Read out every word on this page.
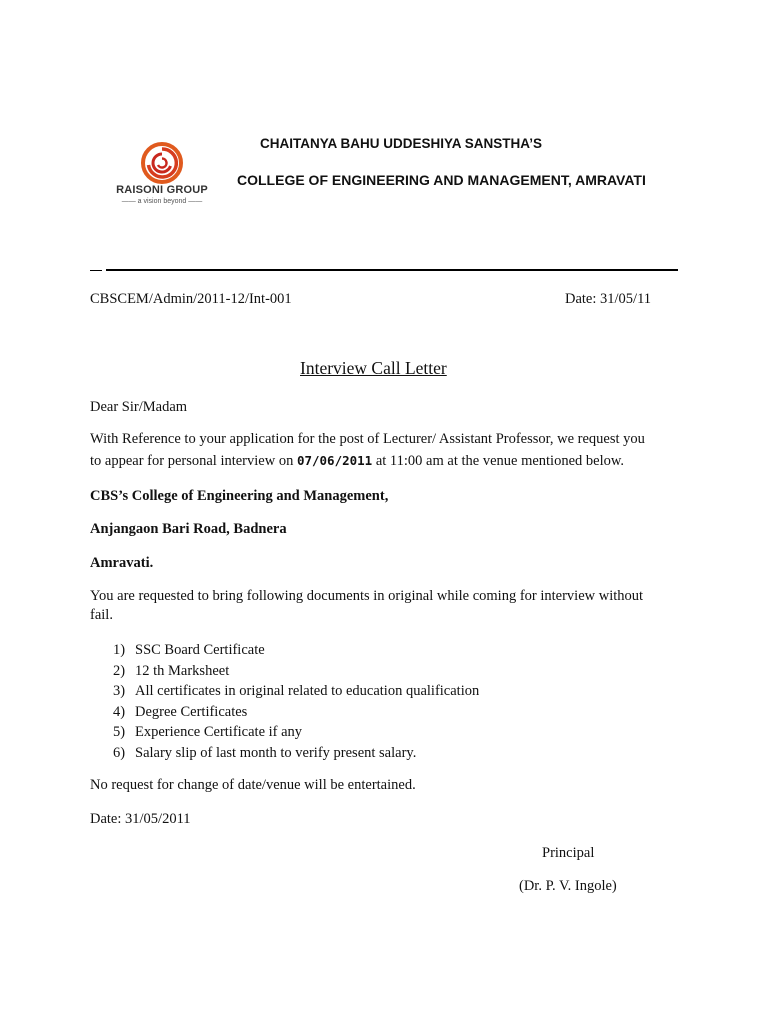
CHAITANYA BAHU UDDESHIYA SANSTHA’S
RAISONI GROUP
—— a vision beyond ——
COLLEGE OF ENGINEERING AND MANAGEMENT, AMRAVATI
CBSCEM/Admin/2011-12/Int-001	Date: 31/05/11
Interview Call Letter
Dear Sir/Madam
With Reference to your application for the post of Lecturer/ Assistant Professor, we request you
to appear for personal interview on 07/06/2011 at 11:00 am at the venue mentioned below.
CBS’s College of Engineering and Management,
Anjangaon Bari Road, Badnera
Amravati.
You are requested to bring following documents in original while coming for interview without
fail.
1) SSC Board Certificate
2) 12 th Marksheet
3) All certificates in original related to education qualification
4) Degree Certificates
5) Experience Certificate if any
6) Salary slip of last month to verify present salary.
No request for change of date/venue will be entertained.
Date: 31/05/2011
Principal
(Dr. P. V. Ingole)
